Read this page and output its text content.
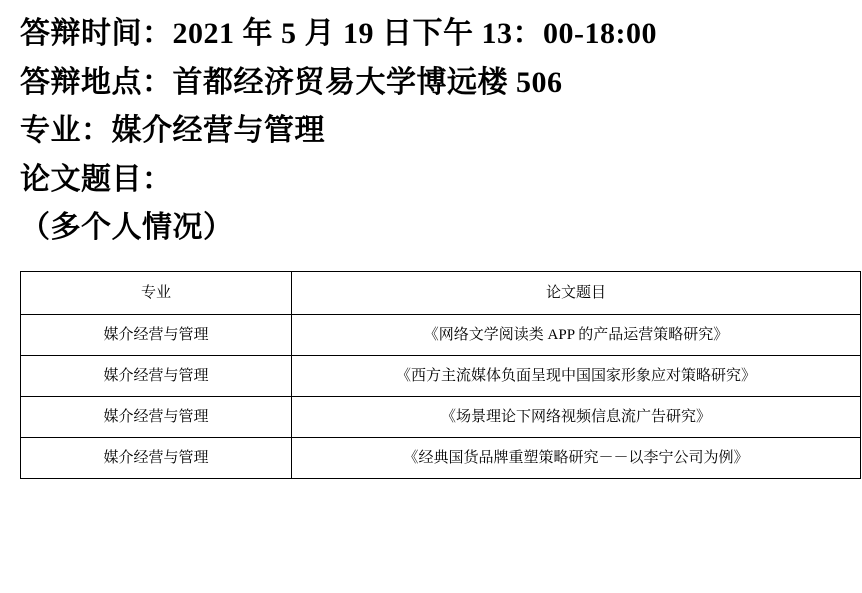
答辩时间：2021 年 5 月 19 日下午 13：00-18:00
答辩地点：首都经济贸易大学博远楼 506
专业：媒介经营与管理
论文题目：
（多个人情况）
专业	论文题目
媒介经营与管理	《网络文学阅读类 APP 的产品运营策略研究》
媒介经营与管理	《西方主流媒体负面呈现中国国家形象应对策略研究》
媒介经营与管理	《场景理论下网络视频信息流广告研究》
媒介经营与管理	《经典国货品牌重塑策略研究－－以李宁公司为例》
